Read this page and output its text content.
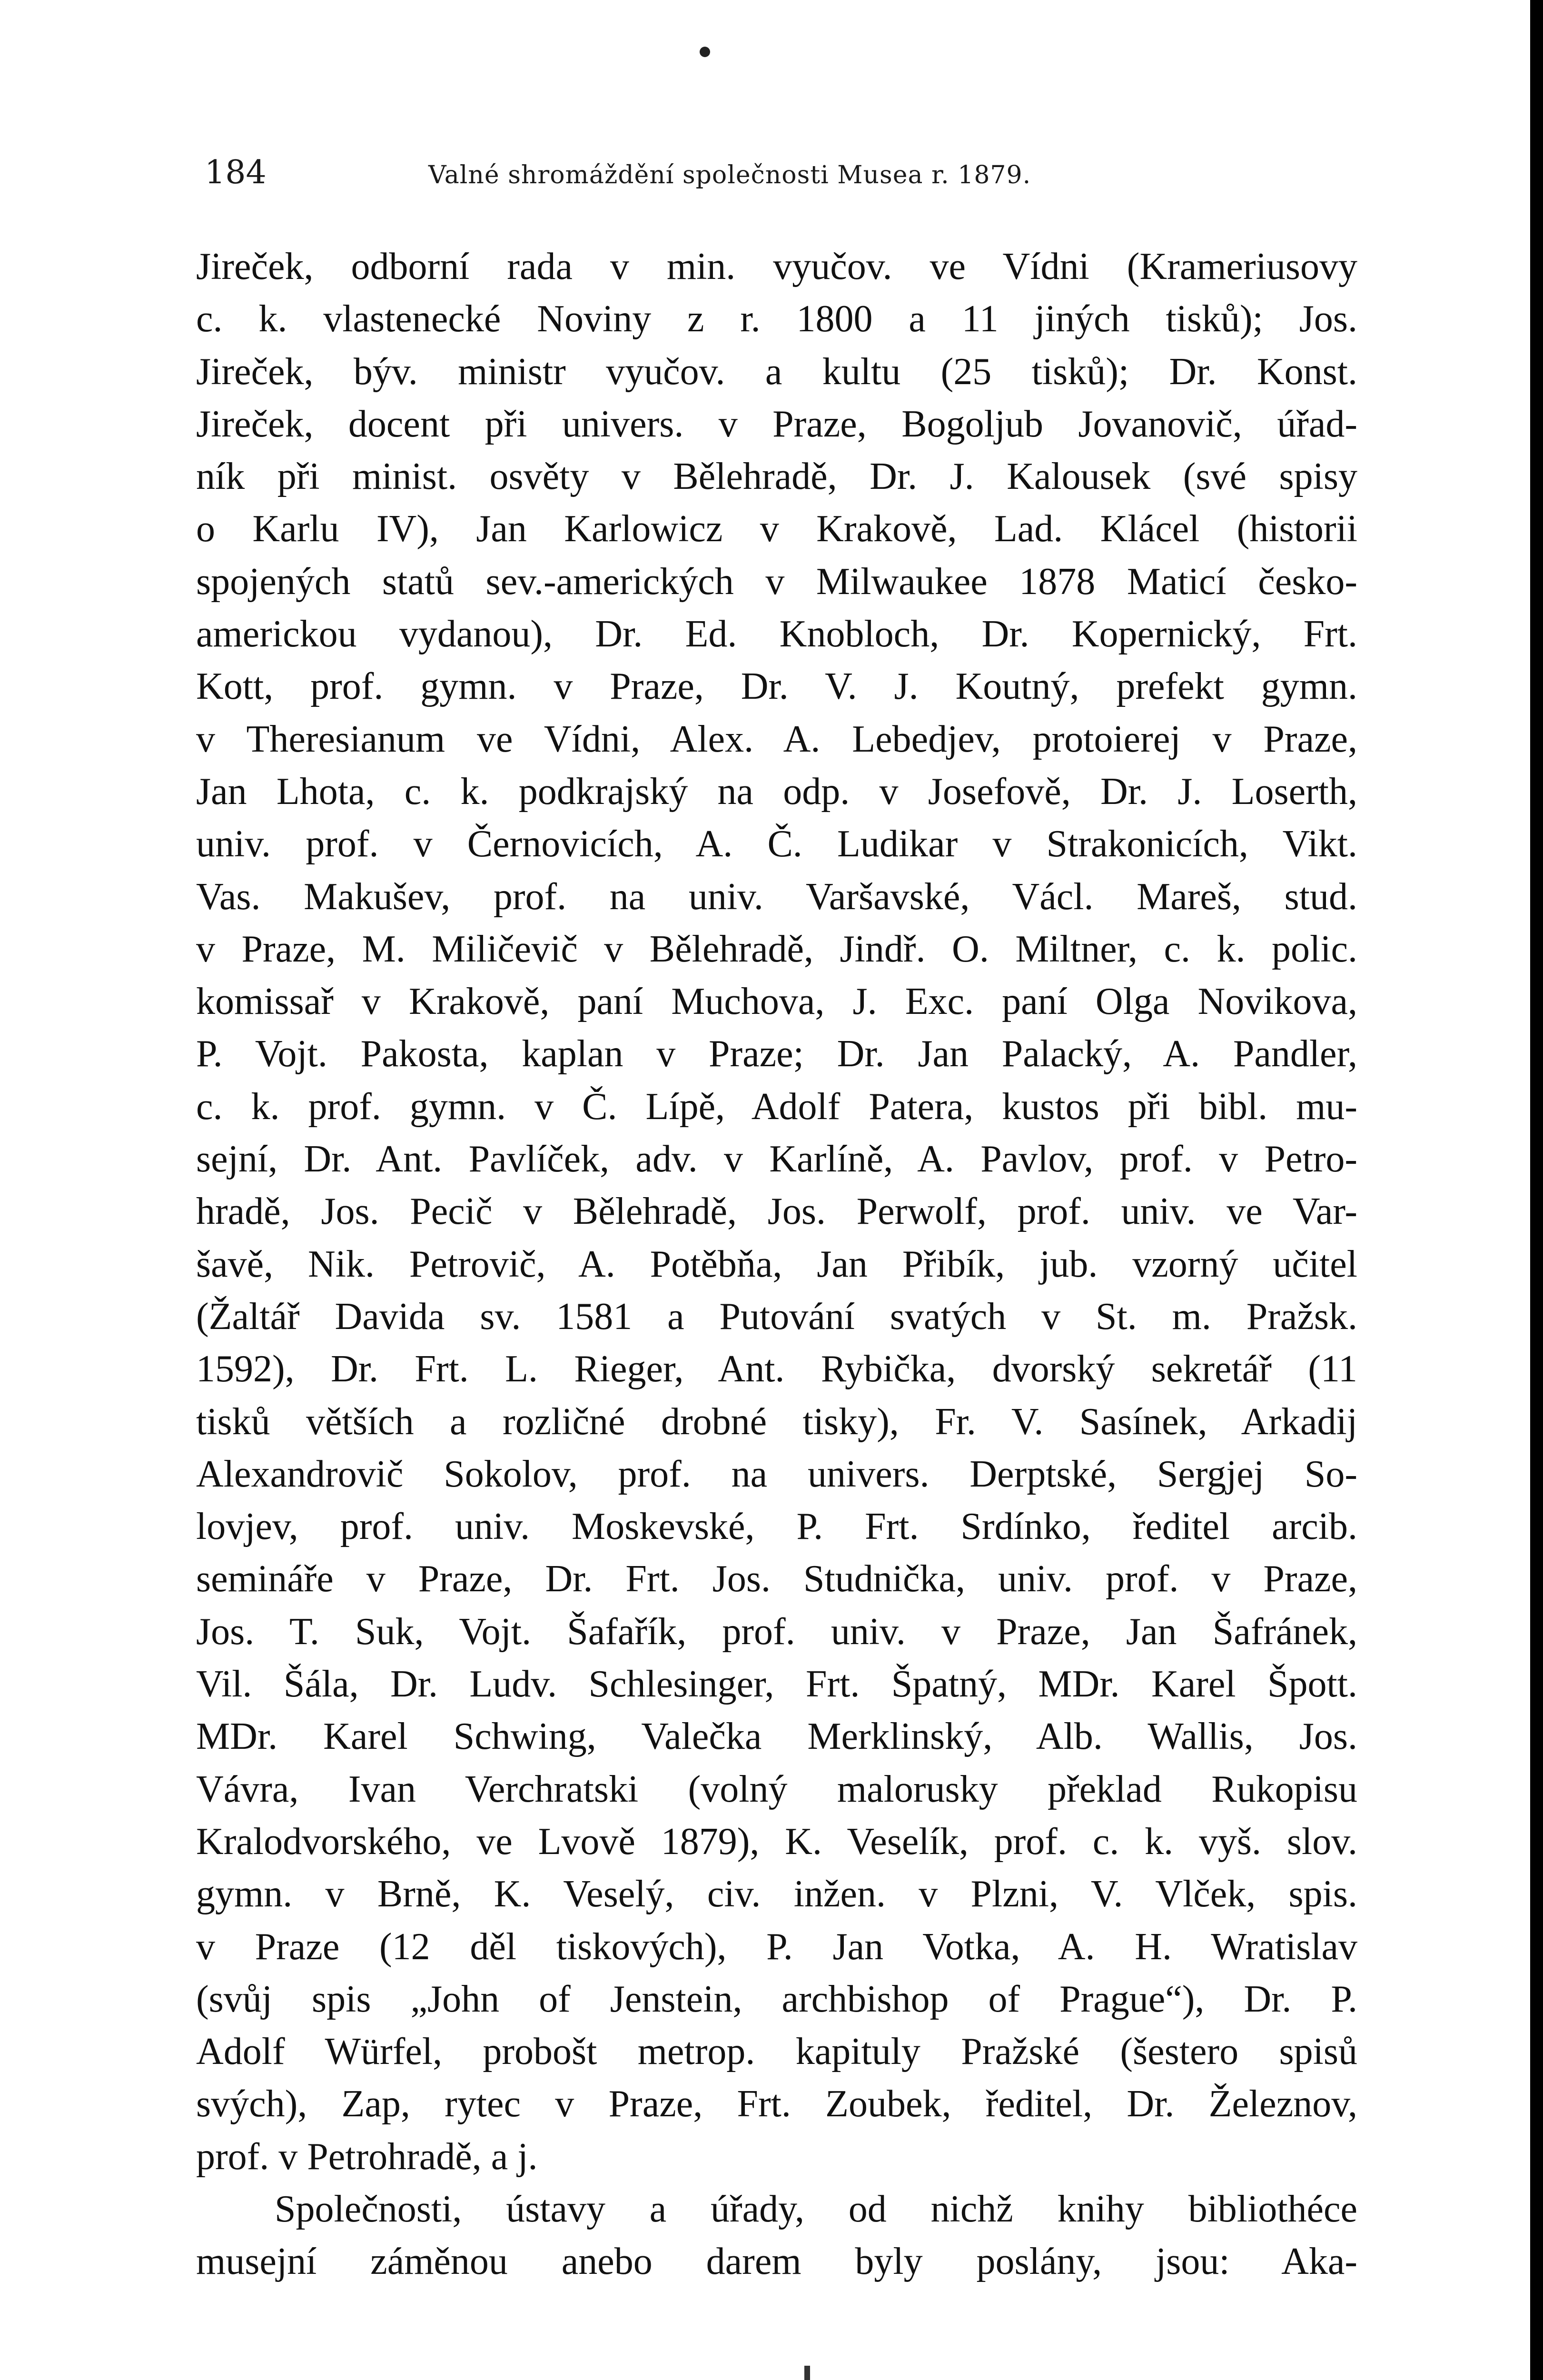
184	Valné shromáždění společnosti Musea r. 1879.
Jireček, odborní rada v min. vyučov. ve Vídni (Krameriusovy
c. k. vlastenecké Noviny z r. 1800 a 11 jiných tisků); Jos.
Jireček, býv. ministr vyučov. a kultu (25 tisků); Dr. Konst.
Jireček, docent při univers. v Praze, Bogoljub Jovanovič, úřad-
ník při minist. osvěty v Bělehradě, Dr. J. Kalousek (své spisy
o Karlu IV), Jan Karlowicz v Krakově, Lad. Klácel (historii
spojených statů sev.-amerických v Milwaukee 1878 Maticí česko-
americkou vydanou), Dr. Ed. Knobloch, Dr. Kopernický, Frt.
Kott, prof. gymn. v Praze, Dr. V. J. Koutný, prefekt gymn.
v Theresianum ve Vídni, Alex. A. Lebedjev, protoierej v Praze,
Jan Lhota, c. k. podkrajský na odp. v Josefově, Dr. J. Loserth,
univ. prof. v Černovicích, A. Č. Ludikar v Strakonicích, Vikt.
Vas. Makušev, prof. na univ. Varšavské, Václ. Mareš, stud.
v Praze, M. Miličevič v Bělehradě, Jindř. O. Miltner, c. k. polic.
komissař v Krakově, paní Muchova, J. Exc. paní Olga Novikova,
P. Vojt. Pakosta, kaplan v Praze; Dr. Jan Palacký, A. Pandler,
c. k. prof. gymn. v Č. Lípě, Adolf Patera, kustos při bibl. mu-
sejní, Dr. Ant. Pavlíček, adv. v Karlíně, A. Pavlov, prof. v Petro-
hradě, Jos. Pecič v Bělehradě, Jos. Perwolf, prof. univ. ve Var-
šavě, Nik. Petrovič, A. Potěbňa, Jan Přibík, jub. vzorný učitel
(Žaltář Davida sv. 1581 a Putování svatých v St. m. Pražsk.
1592), Dr. Frt. L. Rieger, Ant. Rybička, dvorský sekretář (11
tisků větších a rozličné drobné tisky), Fr. V. Sasínek, Arkadij
Alexandrovič Sokolov, prof. na univers. Derptské, Sergjej So-
lovjev, prof. univ. Moskevské, P. Frt. Srdínko, ředitel arcib.
semináře v Praze, Dr. Frt. Jos. Studnička, univ. prof. v Praze,
Jos. T. Suk, Vojt. Šafařík, prof. univ. v Praze, Jan Šafránek,
Vil. Šála, Dr. Ludv. Schlesinger, Frt. Špatný, MDr. Karel Špott.
MDr. Karel Schwing, Valečka Merklinský, Alb. Wallis, Jos.
Vávra, Ivan Verchratski (volný malorusky překlad Rukopisu
Kralodvorského, ve Lvově 1879), K. Veselík, prof. c. k. vyš. slov.
gymn. v Brně, K. Veselý, civ. inžen. v Plzni, V. Vlček, spis.
v Praze (12 děl tiskových), P. Jan Votka, A. H. Wratislav
(svůj spis „John of Jenstein, archbishop of Prague“), Dr. P.
Adolf Würfel, probošt metrop. kapituly Pražské (šestero spisů
svých), Zap, rytec v Praze, Frt. Zoubek, ředitel, Dr. Železnov,
prof. v Petrohradě, a j.
Společnosti, ústavy a úřady, od nichž knihy bibliothéce
musejní záměnou anebo darem byly poslány, jsou: Aka-
